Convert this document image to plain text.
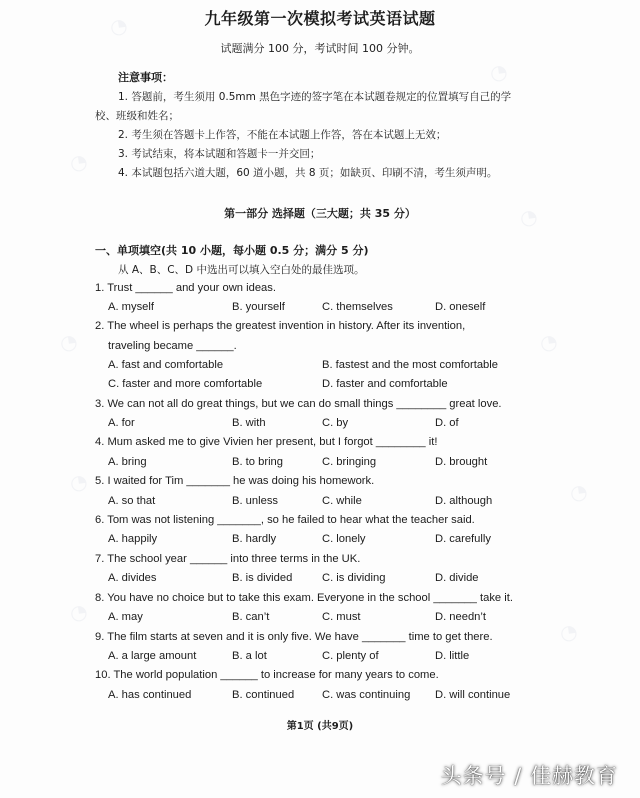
◔
◔
◔
◔
◔	◔
◔	◔
◔
◔
九年级第一次模拟考试英语试题
试题满分 100 分，考试时间 100 分钟。
注意事项：
1. 答题前，考生须用 0.5mm 黑色字迹的签字笔在本试题卷规定的位置填写自己的学
校、班级和姓名；
2. 考生须在答题卡上作答，不能在本试题上作答，答在本试题上无效；
3. 考试结束，将本试题和答题卡一并交回；
4. 本试题包括六道大题，60 道小题，共 8 页；如缺页、印刷不清，考生须声明。
第一部分 选择题（三大题；共 35 分）
一、单项填空(共 10 小题，每小题 0.5 分；满分 5 分)
从 A、B、C、D 中选出可以填入空白处的最佳选项。
1. Trust ______ and your own ideas.
A. myself	B. yourself	C. themselves	D. oneself
2. The wheel is perhaps the greatest invention in history. After its invention,
traveling became ______.
A. fast and comfortable	B. fastest and the most comfortable
C. faster and more comfortable	D. faster and comfortable
3. We can not all do great things, but we can do small things ________ great love.
A. for	B. with	C. by	D. of
4. Mum asked me to give Vivien her present, but I forgot ________ it!
A. bring	B. to bring	C. bringing	D. brought
5. I waited for Tim _______ he was doing his homework.
A. so that	B. unless	C. while	D. although
6. Tom was not listening _______, so he failed to hear what the teacher said.
A. happily	B. hardly	C. lonely	D. carefully
7. The school year ______ into three terms in the UK.
A. divides	B. is divided	C. is dividing	D. divide
8. You have no choice but to take this exam. Everyone in the school _______ take it.
A. may	B. can’t	C. must	D. needn’t
9. The film starts at seven and it is only five. We have _______ time to get there.
A. a large amount	B. a lot	C. plenty of	D. little
10. The world population ______ to increase for many years to come.
A. has continued	B. continued C. was continuing D. will continue
第1页 (共9页)
头条号 / 佳赫教育
